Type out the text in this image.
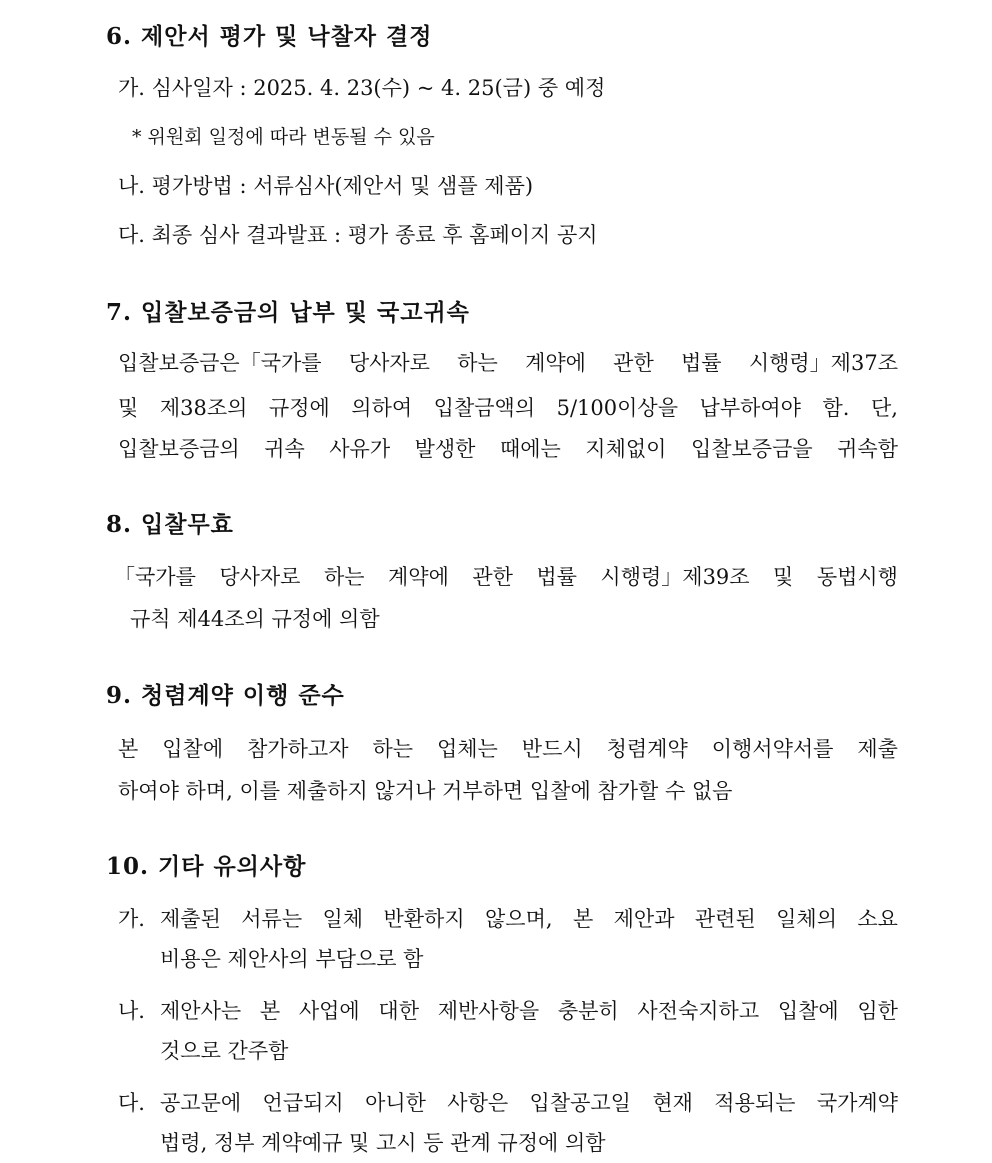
6. 제안서 평가 및 낙찰자 결정
가. 심사일자 : 2025. 4. 23(수) ~ 4. 25(금) 중 예정
* 위원회 일정에 따라 변동될 수 있음
나. 평가방법 : 서류심사(제안서 및 샘플 제품)
다. 최종 심사 결과발표 : 평가 종료 후 홈페이지 공지
7. 입찰보증금의 납부 및 국고귀속
입찰보증금은「국가를 당사자로 하는 계약에 관한 법률 시행령」제37조
및 제38조의 규정에 의하여 입찰금액의 5/100이상을 납부하여야 함. 단,
입찰보증금의 귀속 사유가 발생한 때에는 지체없이 입찰보증금을 귀속함
8. 입찰무효
「국가를 당사자로 하는 계약에 관한 법률 시행령」제39조 및 동법시행
규칙 제44조의 규정에 의함
9. 청렴계약 이행 준수
본 입찰에 참가하고자 하는 업체는 반드시 청렴계약 이행서약서를 제출
하여야 하며, 이를 제출하지 않거나 거부하면 입찰에 참가할 수 없음
10. 기타 유의사항
가. 제출된 서류는 일체 반환하지 않으며, 본 제안과 관련된 일체의 소요
비용은 제안사의 부담으로 함
나. 제안사는 본 사업에 대한 제반사항을 충분히 사전숙지하고 입찰에 임한
것으로 간주함
다. 공고문에 언급되지 아니한 사항은 입찰공고일 현재 적용되는 국가계약
법령, 정부 계약예규 및 고시 등 관계 규정에 의함
